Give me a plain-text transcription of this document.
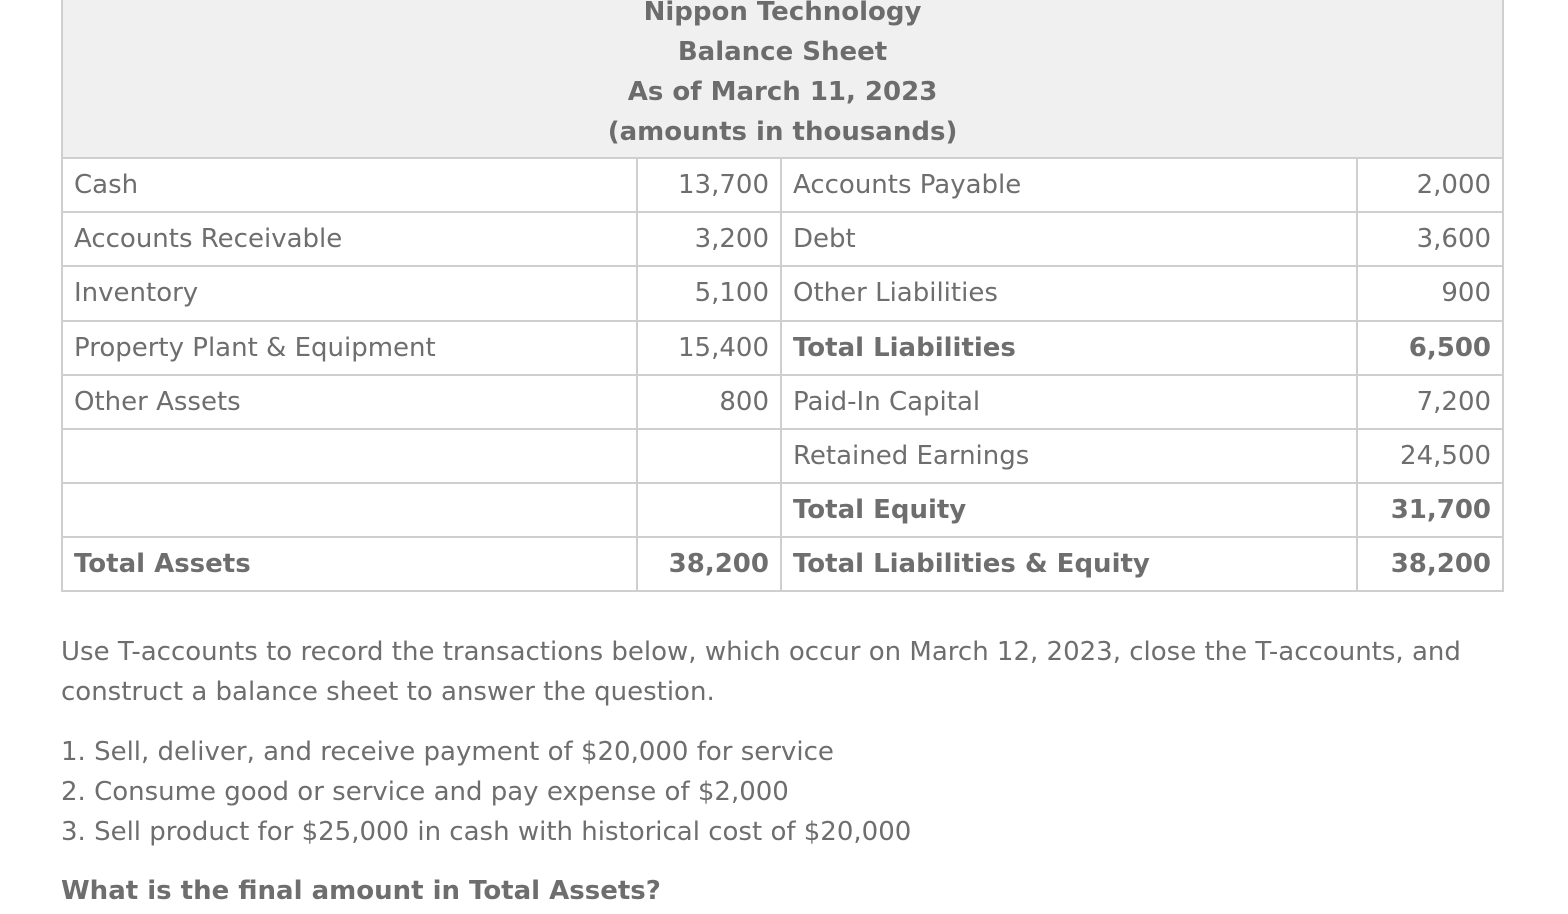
Nippon Technology
Balance Sheet
As of March 11, 2023
(amounts in thousands)			

Cash	13,700	Accounts Payable	2,000
Accounts Receivable	3,200	Debt	3,600
Inventory	5,100	Other Liabilities	900
Property Plant & Equipment	15,400	Total Liabilities	6,500
Other Assets	800	Paid-In Capital	7,200
		Retained Earnings	24,500
		Total Equity	31,700
Total Assets	38,200	Total Liabilities & Equity	38,200

Use T-accounts to record the transactions below, which occur on March 12, 2023, close the T-accounts, and construct a balance sheet to answer the question.

1. Sell, deliver, and receive payment of $20,000 for service
2. Consume good or service and pay expense of $2,000
3. Sell product for $25,000 in cash with historical cost of $20,000

What is the final amount in Total Assets?
